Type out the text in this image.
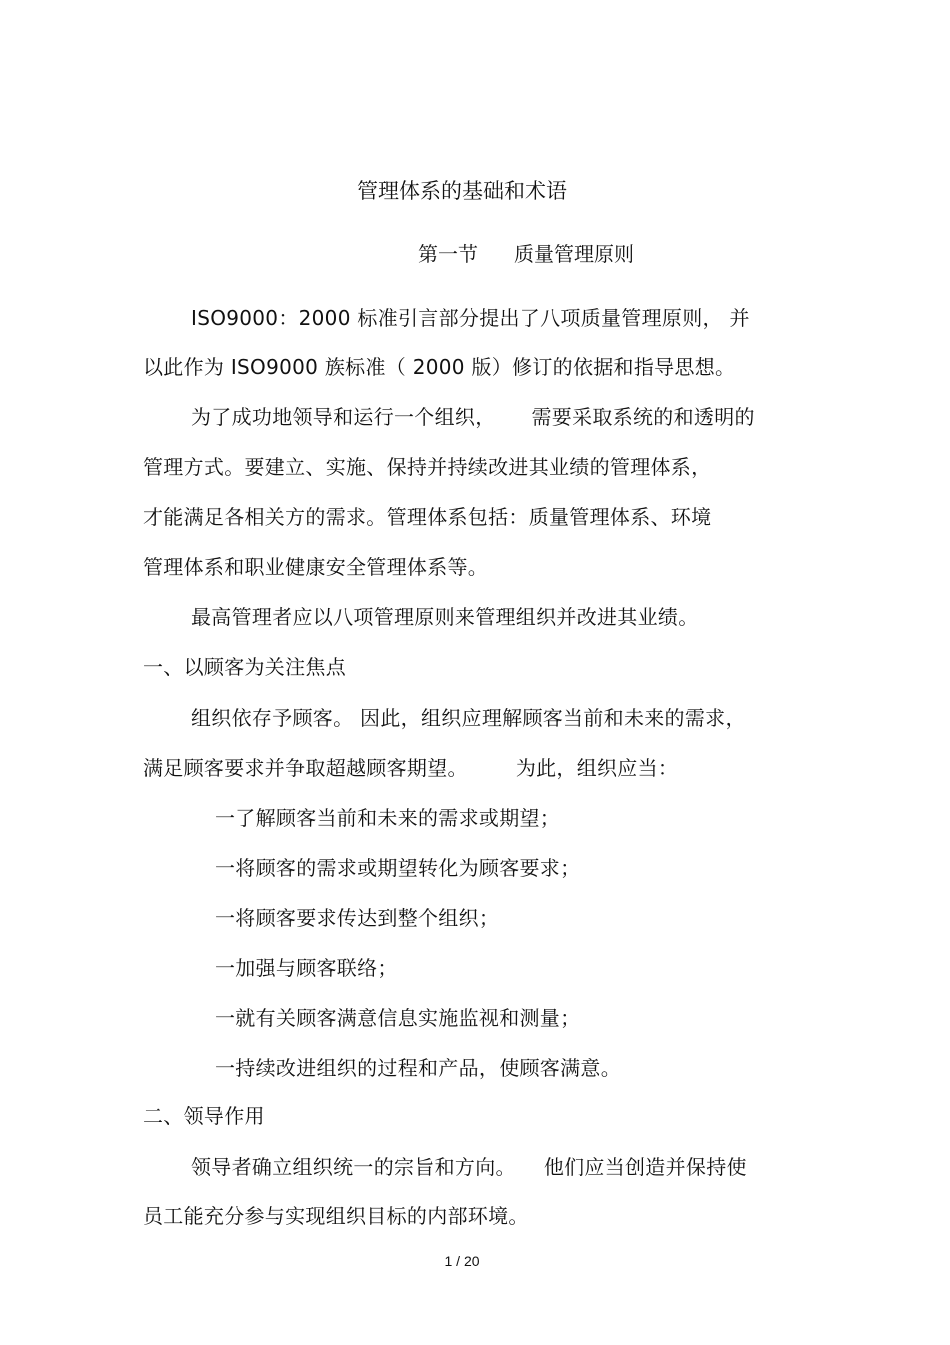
管理体系的基础和术语
第一节 质量管理原则
ISO9000：2000 标准引言部分提出了八项质量管理原则， 并
以此作为 ISO9000 族标准（ 2000 版）修订的依据和指导思想。
为了成功地领导和运行一个组织， 需要采取系统的和透明的
管理方式。要建立、实施、保持并持续改进其业绩的管理体系，
才能满足各相关方的需求。管理体系包括：质量管理体系、环境
管理体系和职业健康安全管理体系等。
最高管理者应以八项管理原则来管理组织并改进其业绩。
一、以顾客为关注焦点
组织依存予顾客。 因此，组织应理解顾客当前和未来的需求，
满足顾客要求并争取超越顾客期望。 为此，组织应当：
一了解顾客当前和未来的需求或期望；
一将顾客的需求或期望转化为顾客要求；
一将顾客要求传达到整个组织；
一加强与顾客联络；
一就有关顾客满意信息实施监视和测量；
一持续改进组织的过程和产品，使顾客满意。
二、领导作用
领导者确立组织统一的宗旨和方向。 他们应当创造并保持使
员工能充分参与实现组织目标的内部环境。
1 / 20
